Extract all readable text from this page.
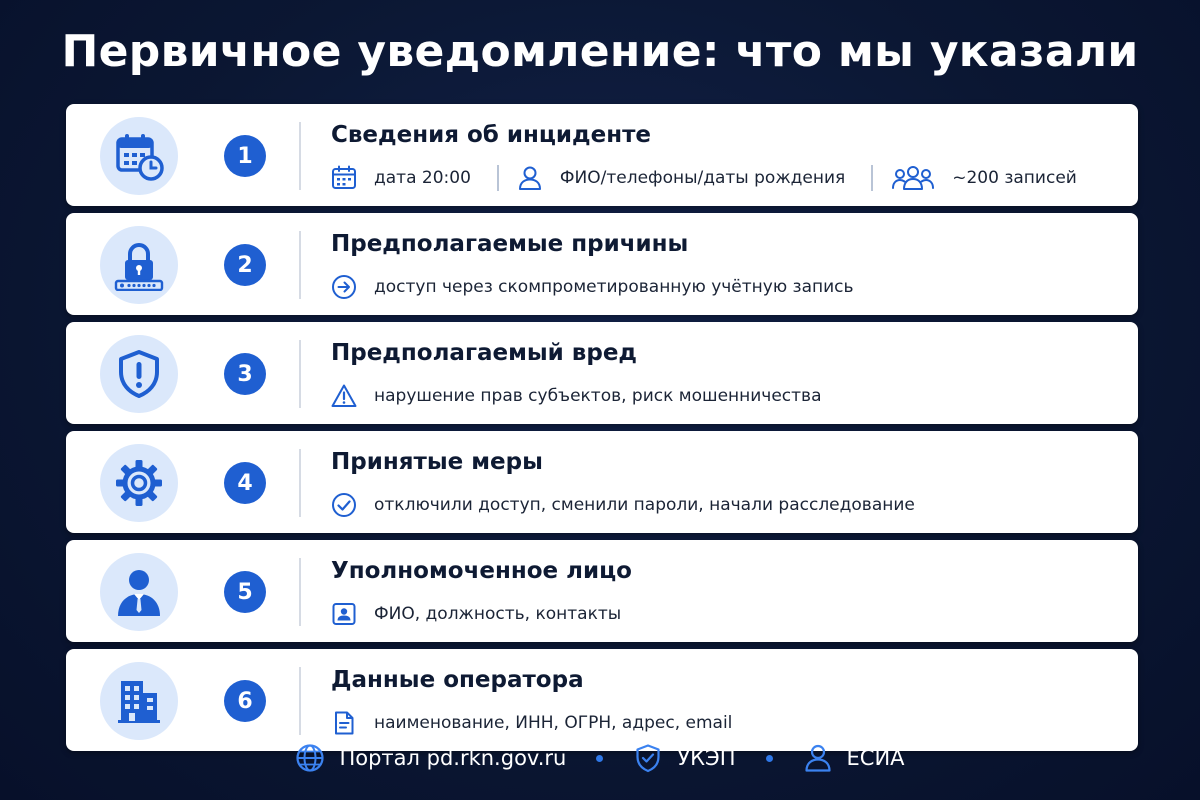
Первичное уведомление: что мы указали
1
Сведения об инциденте
дата 20:00	ФИО/телефоны/даты рождения	~200 записей
2
Предполагаемые причины
доступ через скомпрометированную учётную запись
3
Предполагаемый вред
нарушение прав субъектов, риск мошенничества
4
Принятые меры
отключили доступ, сменили пароли, начали расследование
5
Уполномоченное лицо
ФИО, должность, контакты
6
Данные оператора
наименование, ИНН, ОГРН, адрес, email
Портал pd.rkn.gov.ru	УКЭП	ЕСИА
